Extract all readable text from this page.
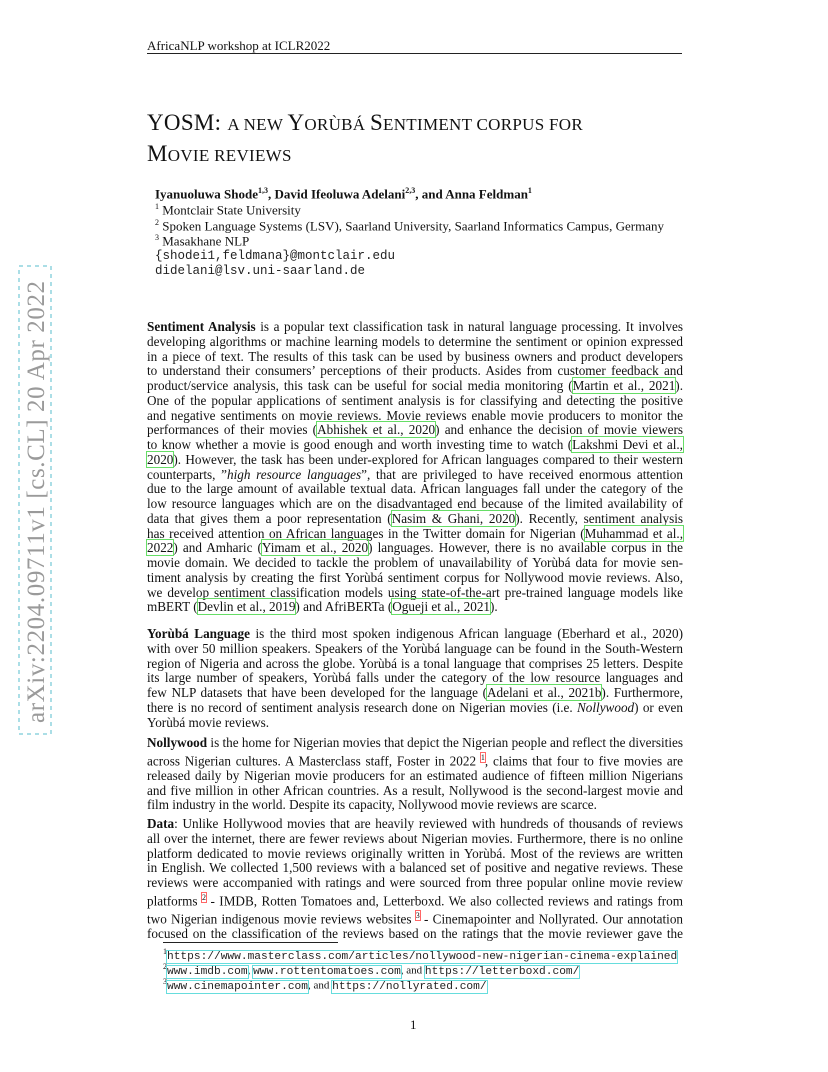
AfricaNLP workshop at ICLR2022
arXiv:2204.09711v1 [cs.CL] 20 Apr 2022
YOSM: A NEW YORÙBÁ SENTIMENT CORPUS FOR
MOVIE REVIEWS
Iyanuoluwa Shode$^{1,3}$, David Ifeoluwa Adelani$^{2,3}$, and Anna Feldman$^1$
$^1$ Montclair State University
$^2$ Spoken Language Systems (LSV), Saarland University, Saarland Informatics Campus, Germany
$^3$ Masakhane NLP
{shodei1,feldmana}@montclair.edu
didelani@lsv.uni-saarland.de
Sentiment Analysis is a popular text classification task in natural language processing. It involves
developing algorithms or machine learning models to determine the sentiment or opinion expressed
in a piece of text. The results of this task can be used by business owners and product developers
to understand their consumers’ perceptions of their products. Asides from customer feedback and
product/service analysis, this task can be useful for social media monitoring (Martin et al., 2021).
One of the popular applications of sentiment analysis is for classifying and detecting the positive
and negative sentiments on movie reviews. Movie reviews enable movie producers to monitor the
performances of their movies (Abhishek et al., 2020) and enhance the decision of movie viewers
to know whether a movie is good enough and worth investing time to watch (Lakshmi Devi et al.,
2020). However, the task has been under-explored for African languages compared to their western
counterparts, ”high resource languages”, that are privileged to have received enormous attention
due to the large amount of available textual data. African languages fall under the category of the
low resource languages which are on the disadvantaged end because of the limited availability of
data that gives them a poor representation (Nasim & Ghani, 2020). Recently, sentiment analysis
has received attention on African languages in the Twitter domain for Nigerian (Muhammad et al.,
2022) and Amharic (Yimam et al., 2020) languages. However, there is no available corpus in the
movie domain. We decided to tackle the problem of unavailability of Yorùbá data for movie sen-
timent analysis by creating the first Yorùbá sentiment corpus for Nollywood movie reviews. Also,
we develop sentiment classification models using state-of-the-art pre-trained language models like
mBERT (Devlin et al., 2019) and AfriBERTa (Ogueji et al., 2021).
Yorùbá Language is the third most spoken indigenous African language (Eberhard et al., 2020)
with over 50 million speakers. Speakers of the Yorùbá language can be found in the South-Western
region of Nigeria and across the globe. Yorùbá is a tonal language that comprises 25 letters. Despite
its large number of speakers, Yorùbá falls under the category of the low resource languages and
few NLP datasets that have been developed for the language (Adelani et al., 2021b). Furthermore,
there is no record of sentiment analysis research done on Nigerian movies (i.e. Nollywood) or even
Yorùbá movie reviews.
Nollywood is the home for Nigerian movies that depict the Nigerian people and reflect the diversities
across Nigerian cultures. A Masterclass staff, Foster in 2022 $^1$, claims that four to five movies are
released daily by Nigerian movie producers for an estimated audience of fifteen million Nigerians
and five million in other African countries. As a result, Nollywood is the second-largest movie and
film industry in the world. Despite its capacity, Nollywood movie reviews are scarce.
Data: Unlike Hollywood movies that are heavily reviewed with hundreds of thousands of reviews
all over the internet, there are fewer reviews about Nigerian movies. Furthermore, there is no online
platform dedicated to movie reviews originally written in Yorùbá. Most of the reviews are written
in English. We collected 1,500 reviews with a balanced set of positive and negative reviews. These
reviews were accompanied with ratings and were sourced from three popular online movie review
platforms $^2$ - IMDB, Rotten Tomatoes and, Letterboxd. We also collected reviews and ratings from
two Nigerian indigenous movie reviews websites $^3$ - Cinemapointer and Nollyrated. Our annotation
focused on the classification of the reviews based on the ratings that the movie reviewer gave the
$^1$https://www.masterclass.com/articles/nollywood-new-nigerian-cinema-explained
$^2$www.imdb.com, www.rottentomatoes.com, and https://letterboxd.com/
$^3$www.cinemapointer.com, and https://nollyrated.com/
1
